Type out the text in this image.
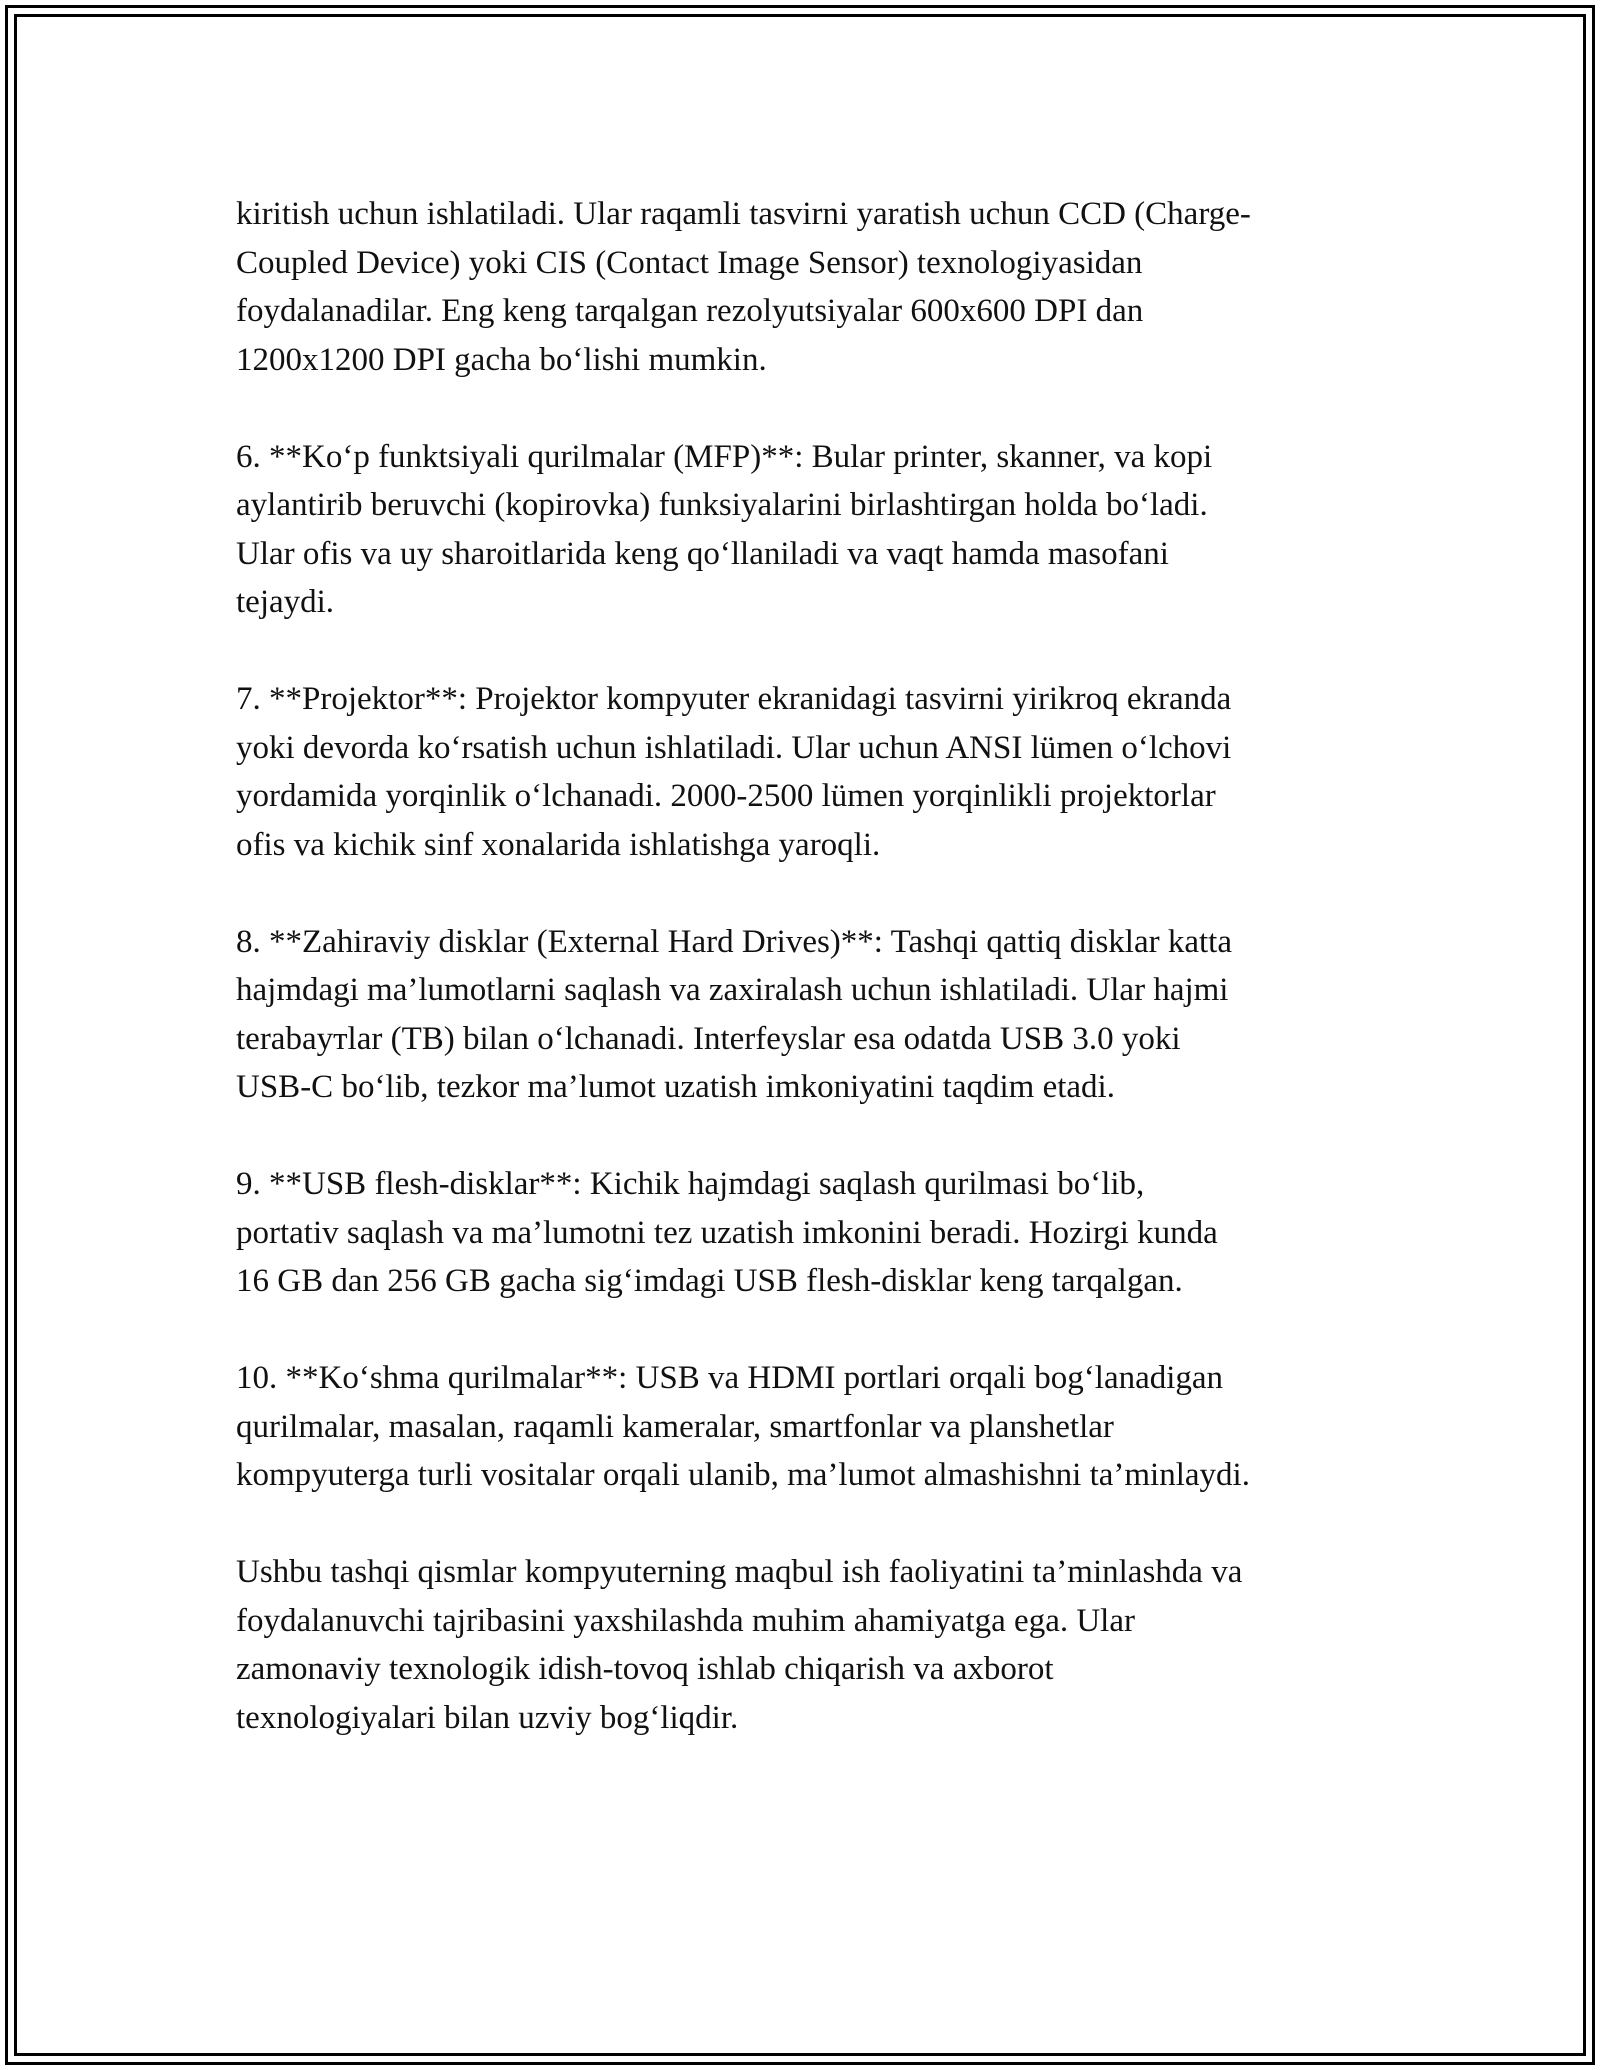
kiritish uchun ishlatiladi. Ular raqamli tasvirni yaratish uchun CCD (Charge-
Coupled Device) yoki CIS (Contact Image Sensor) texnologiyasidan
foydalanadilar. Eng keng tarqalgan rezolyutsiyalar 600x600 DPI dan
1200x1200 DPI gacha bo‘lishi mumkin.

6. **Ko‘p funktsiyali qurilmalar (MFP)**: Bular printer, skanner, va kopi
aylantirib beruvchi (kopirovka) funksiyalarini birlashtirgan holda bo‘ladi.
Ular ofis va uy sharoitlarida keng qo‘llaniladi va vaqt hamda masofani
tejaydi.

7. **Projektor**: Projektor kompyuter ekranidagi tasvirni yirikroq ekranda
yoki devorda ko‘rsatish uchun ishlatiladi. Ular uchun ANSI lümen o‘lchovi
yordamida yorqinlik o‘lchanadi. 2000-2500 lümen yorqinlikli projektorlar
ofis va kichik sinf xonalarida ishlatishga yaroqli.

8. **Zahiraviy disklar (External Hard Drives)**: Tashqi qattiq disklar katta
hajmdagi ma’lumotlarni saqlash va zaxiralash uchun ishlatiladi. Ular hajmi
terabayтlar (TB) bilan o‘lchanadi. Interfeyslar esa odatda USB 3.0 yoki
USB-C bo‘lib, tezkor ma’lumot uzatish imkoniyatini taqdim etadi.

9. **USB flesh-disklar**: Kichik hajmdagi saqlash qurilmasi bo‘lib,
portativ saqlash va ma’lumotni tez uzatish imkonini beradi. Hozirgi kunda
16 GB dan 256 GB gacha sig‘imdagi USB flesh-disklar keng tarqalgan.

10. **Ko‘shma qurilmalar**: USB va HDMI portlari orqali bog‘lanadigan
qurilmalar, masalan, raqamli kameralar, smartfonlar va planshetlar
kompyuterga turli vositalar orqali ulanib, ma’lumot almashishni ta’minlaydi.

Ushbu tashqi qismlar kompyuterning maqbul ish faoliyatini ta’minlashda va
foydalanuvchi tajribasini yaxshilashda muhim ahamiyatga ega. Ular
zamonaviy texnologik idish-tovoq ishlab chiqarish va axborot
texnologiyalari bilan uzviy bog‘liqdir.
